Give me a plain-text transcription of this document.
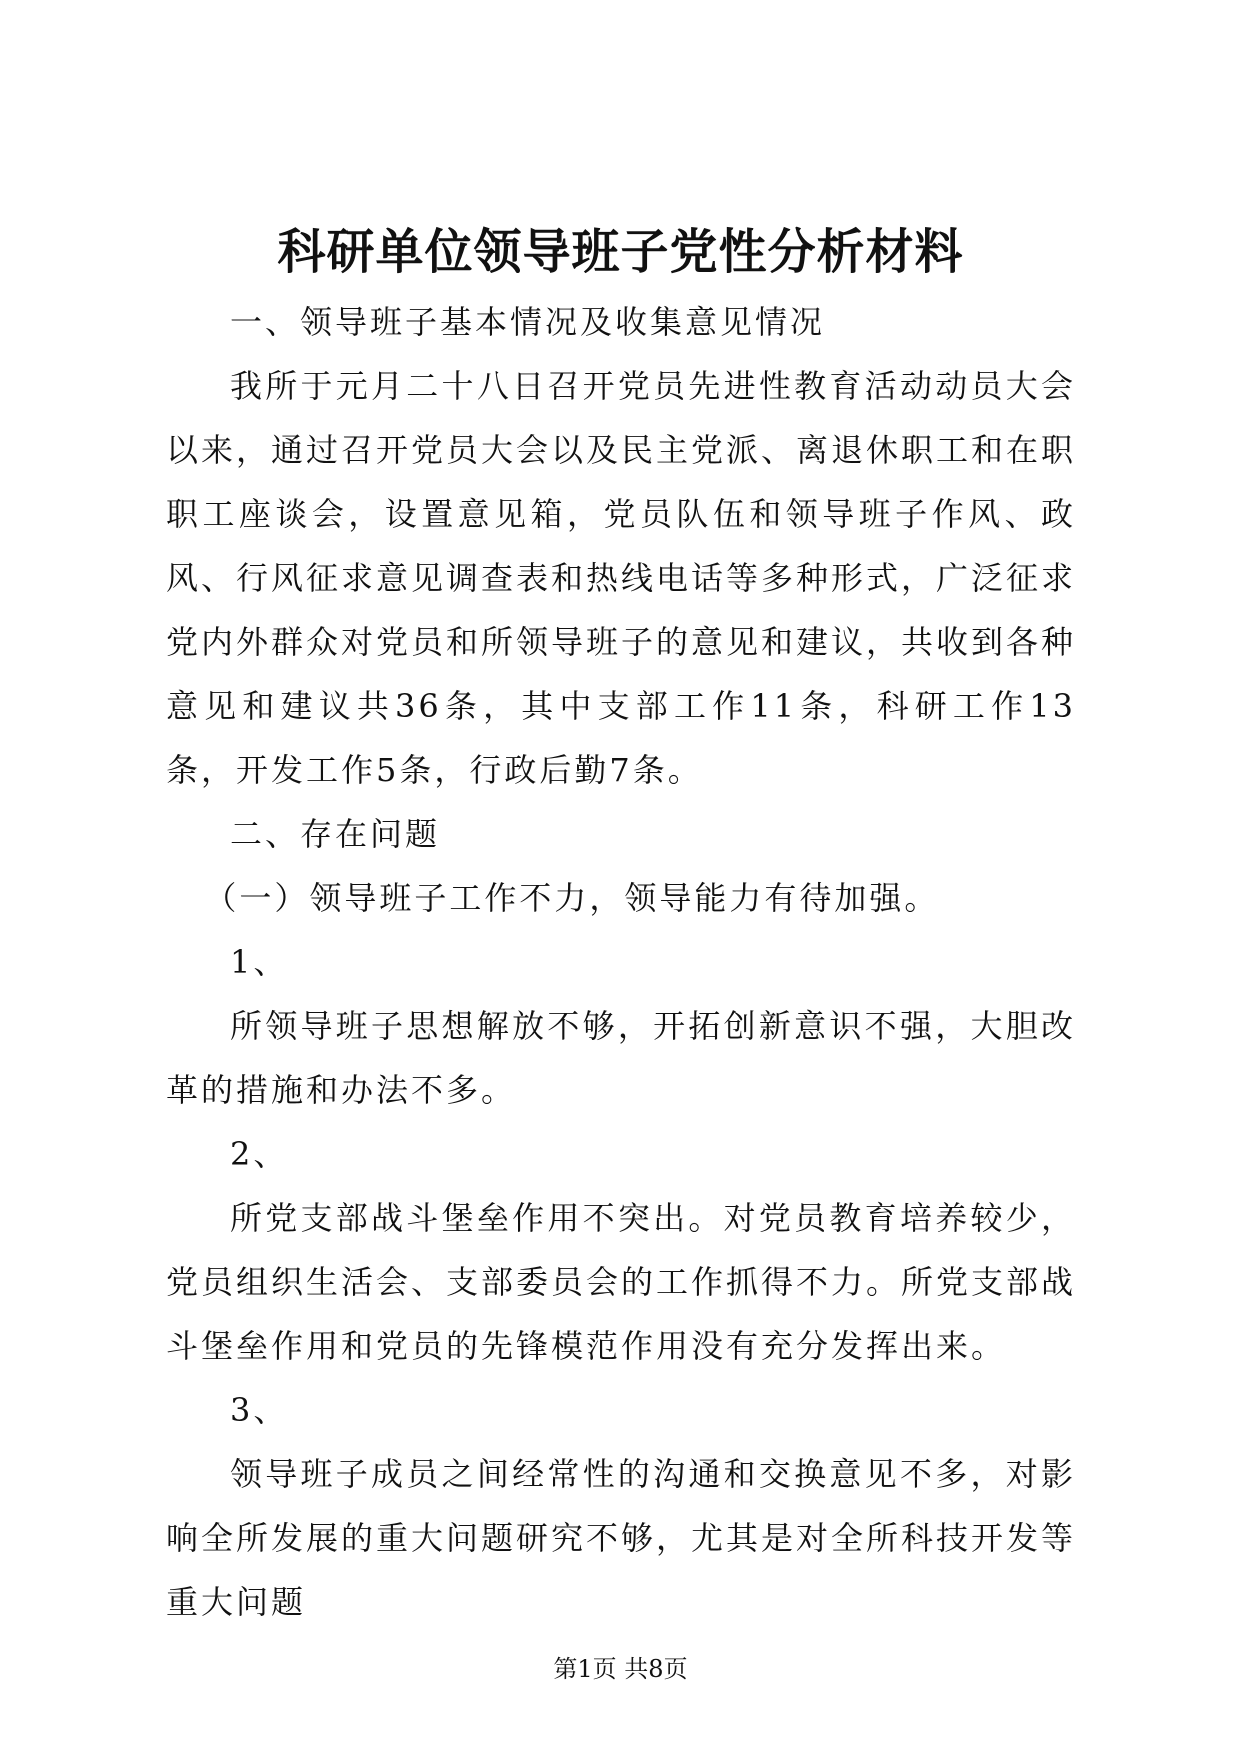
科研单位领导班子党性分析材料

一、领导班子基本情况及收集意见情况

我所于元月二十八日召开党员先进性教育活动动员大会以来，通过召开党员大会以及民主党派、离退休职工和在职职工座谈会，设置意见箱，党员队伍和领导班子作风、政风、行风征求意见调查表和热线电话等多种形式，广泛征求党内外群众对党员和所领导班子的意见和建议，共收到各种意见和建议共36条，其中支部工作11条，科研工作13条，开发工作5条，行政后勤7条。

二、存在问题

（一）领导班子工作不力，领导能力有待加强。

1、

所领导班子思想解放不够，开拓创新意识不强，大胆改革的措施和办法不多。

2、

所党支部战斗堡垒作用不突出。对党员教育培养较少，党员组织生活会、支部委员会的工作抓得不力。所党支部战斗堡垒作用和党员的先锋模范作用没有充分发挥出来。

3、

领导班子成员之间经常性的沟通和交换意见不多，对影响全所发展的重大问题研究不够，尤其是对全所科技开发等重大问题

第1页 共8页
